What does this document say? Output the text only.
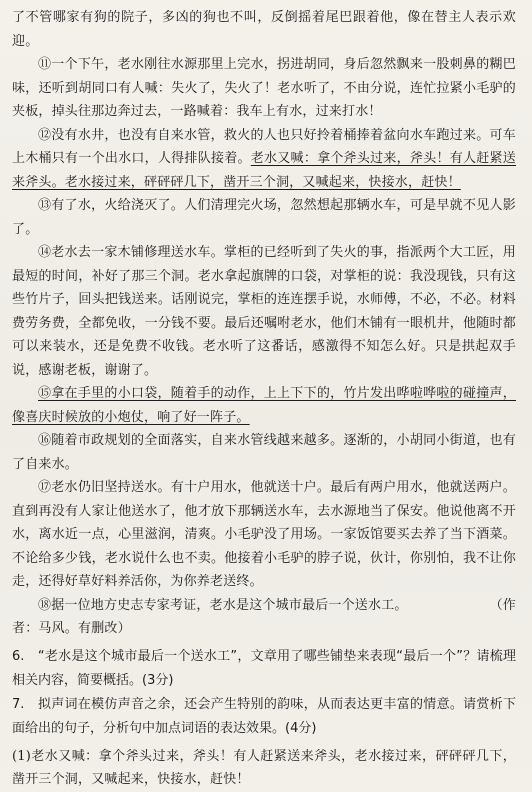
了不管哪家有狗的院子，多凶的狗也不叫，反倒摇着尾巴跟着他，像在替主人表示欢迎。

⑪一个下午，老水刚往水源那里上完水，拐进胡同，身后忽然飘来一股刺鼻的糊巴味，还听到胡同口有人喊：失火了，失火了！老水听了，不由分说，连忙拉紧小毛驴的夹板，掉头往那边奔过去，一路喊着：我车上有水，过来打水！

⑫没有水井，也没有自来水管，救火的人也只好拎着桶捧着盆向水车跑过来。可车上木桶只有一个出水口，人得排队接着。老水又喊：拿个斧头过来，斧头！有人赶紧送来斧头。老水接过来，砰砰砰几下，凿开三个洞，又喊起来，快接水，赶快！

⑬有了水，火给浇灭了。人们清理完火场，忽然想起那辆水车，可是早就不见人影了。

⑭老水去一家木铺修理送水车。掌柜的已经听到了失火的事，指派两个大工匠，用最短的时间，补好了那三个洞。老水拿起旗牌的口袋，对掌柜的说：我没现钱，只有这些竹片子，回头把钱送来。话刚说完，掌柜的连连摆手说，水师傅，不必，不必。材料费劳务费，全都免收，一分钱不要。最后还嘱咐老水，他们木铺有一眼机井，他随时都可以来装水，还是免费不收钱。老水听了这番话，感激得不知怎么好。只是拱起双手说，感谢老板，谢谢了。

⑮拿在手里的小口袋，随着手的动作，上上下下的，竹片发出哗啦哗啦的碰撞声，像喜庆时候放的小炮仗，响了好一阵子。

⑯随着市政规划的全面落实，自来水管线越来越多。逐渐的，小胡同小街道，也有了自来水。

⑰老水仍旧坚持送水。有十户用水，他就送十户。最后有两户用水，他就送两户。直到再没有人家让他送水了，他才放下那辆送水车，去水源地当了保安。他说他离不开水，离水近一点，心里滋润，清爽。小毛驴没了用场。一家饭馆要买去养了当下酒菜。不论给多少钱，老水说什么也不卖。他接着小毛驴的脖子说，伙计，你别怕，我不让你走，还得好草好料养活你，为你养老送终。

⑱据一位地方史志专家考证，老水是这个城市最后一个送水工。	（作

者：马风。有删改）

6.　“老水是这个城市最后一个送水工”，文章用了哪些铺垫来表现“最后一个”？请梳理相关内容，简要概括。(3分)

7.　拟声词在模仿声音之余，还会产生特别的韵味，从而表达更丰富的情意。请赏析下面给出的句子，分析句中加点词语的表达效果。(4分)

(1)老水又喊：拿个斧头过来，斧头！有人赶紧送来斧头，老水接过来，砰砰砰几下，凿开三个洞，又喊起来，快接水，赶快！
